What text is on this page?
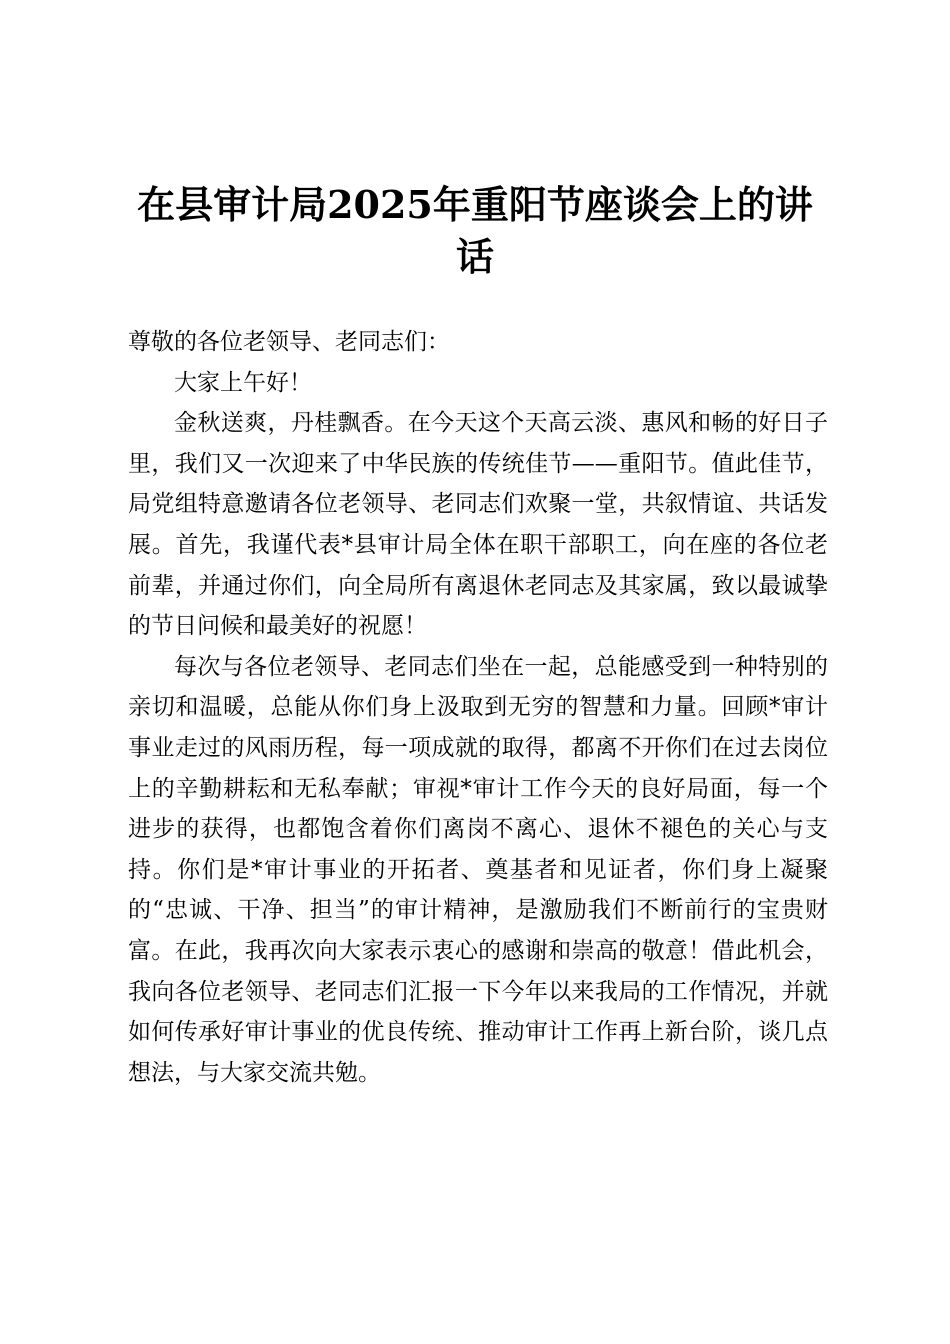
在县审计局2025年重阳节座谈会上的讲话

尊敬的各位老领导、老同志们：

大家上午好！

金秋送爽，丹桂飘香。在今天这个天高云淡、惠风和畅的好日子里，我们又一次迎来了中华民族的传统佳节——重阳节。值此佳节，局党组特意邀请各位老领导、老同志们欢聚一堂，共叙情谊、共话发展。首先，我谨代表*县审计局全体在职干部职工，向在座的各位老前辈，并通过你们，向全局所有离退休老同志及其家属，致以最诚挚的节日问候和最美好的祝愿！

每次与各位老领导、老同志们坐在一起，总能感受到一种特别的亲切和温暖，总能从你们身上汲取到无穷的智慧和力量。回顾*审计事业走过的风雨历程，每一项成就的取得，都离不开你们在过去岗位上的辛勤耕耘和无私奉献；审视*审计工作今天的良好局面，每一个进步的获得，也都饱含着你们离岗不离心、退休不褪色的关心与支持。你们是*审计事业的开拓者、奠基者和见证者，你们身上凝聚的“忠诚、干净、担当”的审计精神，是激励我们不断前行的宝贵财富。在此，我再次向大家表示衷心的感谢和崇高的敬意！借此机会，我向各位老领导、老同志们汇报一下今年以来我局的工作情况，并就如何传承好审计事业的优良传统、推动审计工作再上新台阶，谈几点想法，与大家交流共勉。
